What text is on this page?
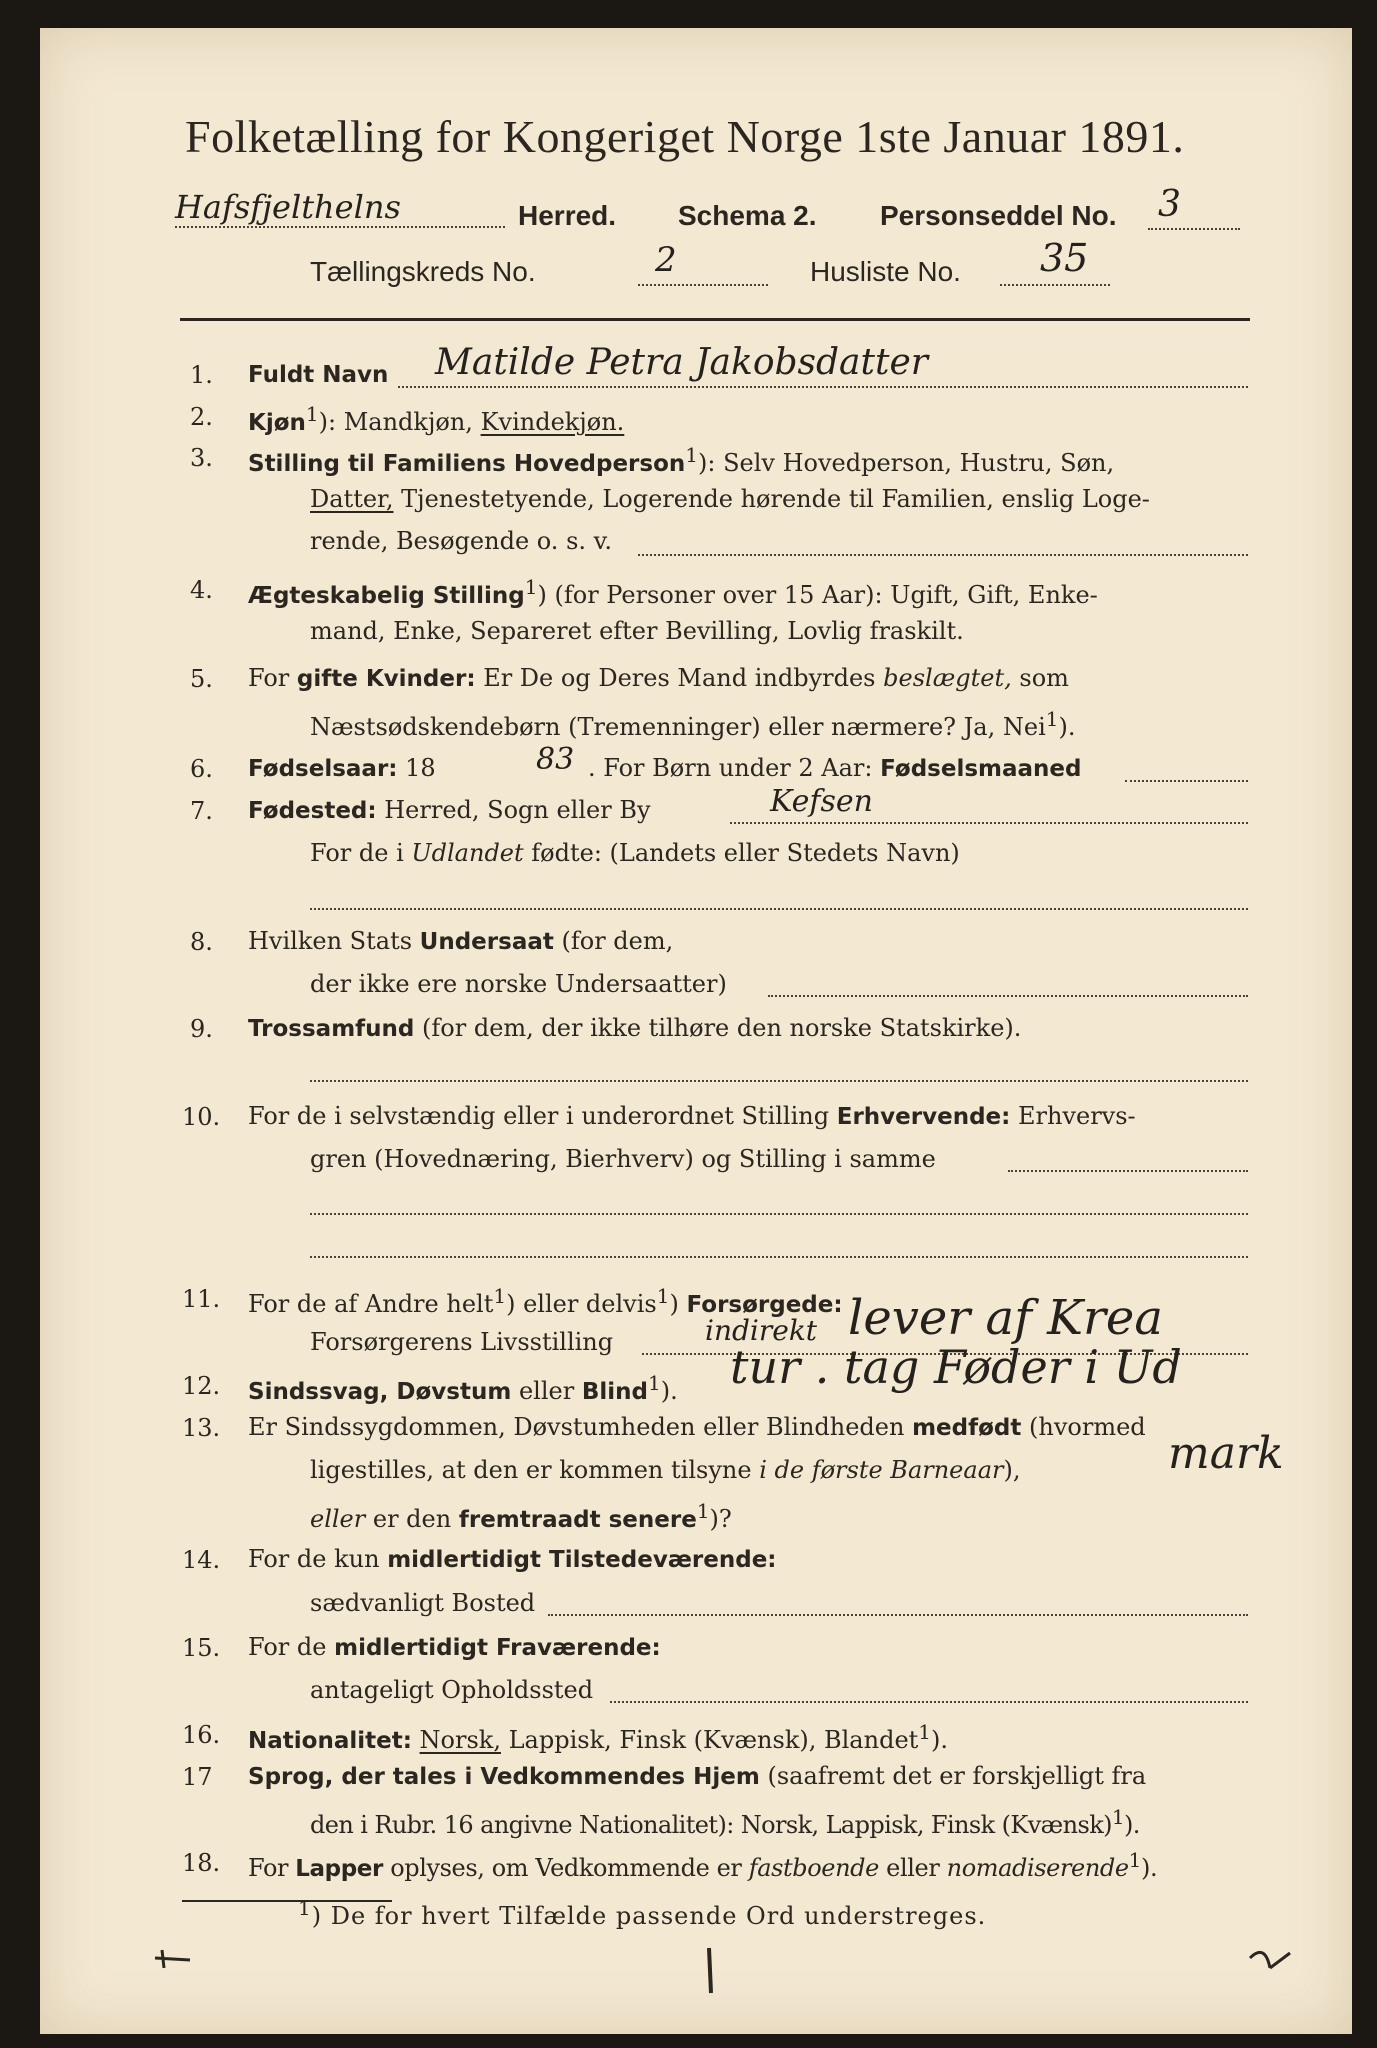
Folketælling for Kongeriget Norge 1ste Januar 1891.
Hafsfjelthelns	Herred. Schema 2. Personseddel No. 3
Tællingskreds No.	2	Husliste No. 35
1. Fuldt Navn Matilde Petra Jakobsdatter
2. Kjøn$^1$): Mandkjøn, Kvindekjøn.
3. Stilling til Familiens Hovedperson$^1$): Selv Hovedperson, Hustru, Søn,
Datter, Tjenestetyende, Logerende hørende til Familien, enslig Loge-
rende, Besøgende o. s. v.
4. Ægteskabelig Stilling$^1$) (for Personer over 15 Aar): Ugift, Gift, Enke-
mand, Enke, Separeret efter Bevilling, Lovlig fraskilt.
5. For gifte Kvinder: Er De og Deres Mand indbyrdes beslægtet, som
Næstsødskendebørn (Tremenninger) eller nærmere? Ja, Nei$^1$).
6. Fødselsaar: 18	83 . For Børn under 2 Aar: Fødselsmaaned
7. Fødested: Herred, Sogn eller By	Kefsen
For de i Udlandet fødte: (Landets eller Stedets Navn)
8. Hvilken Stats Undersaat (for dem,
der ikke ere norske Undersaatter)
9. Trossamfund (for dem, der ikke tilhøre den norske Statskirke).
10. For de i selvstændig eller i underordnet Stilling Erhvervende: Erhvervs-
gren (Hovednæring, Bierhverv) og Stilling i samme
11. For de af Andre helt$^1$) eller delvis$^1$) Forsørgede:
Forsørgerens Livsstilling	indirekt lever af Krea
12. Sindssvag, Døvstum eller Blind$^1$). tur . tag Føder i Ud
13. Er Sindssygdommen, Døvstumheden eller Blindheden medfødt (hvormed
ligestilles, at den er kommen tilsyne i de første Barneaar),	mark
eller er den fremtraadt senere$^1$)?
14. For de kun midlertidigt Tilstedeværende:
sædvanligt Bosted
15. For de midlertidigt Fraværende:
antageligt Opholdssted
16. Nationalitet: Norsk, Lappisk, Finsk (Kvænsk), Blandet$^1$).
17 Sprog, der tales i Vedkommendes Hjem (saafremt det er forskjelligt fra
den i Rubr. 16 angivne Nationalitet): Norsk, Lappisk, Finsk (Kvænsk)$^1$).
18. For Lapper oplyses, om Vedkommende er fastboende eller nomadiserende$^1$).
$^1$) De for hvert Tilfælde passende Ord understreges.
